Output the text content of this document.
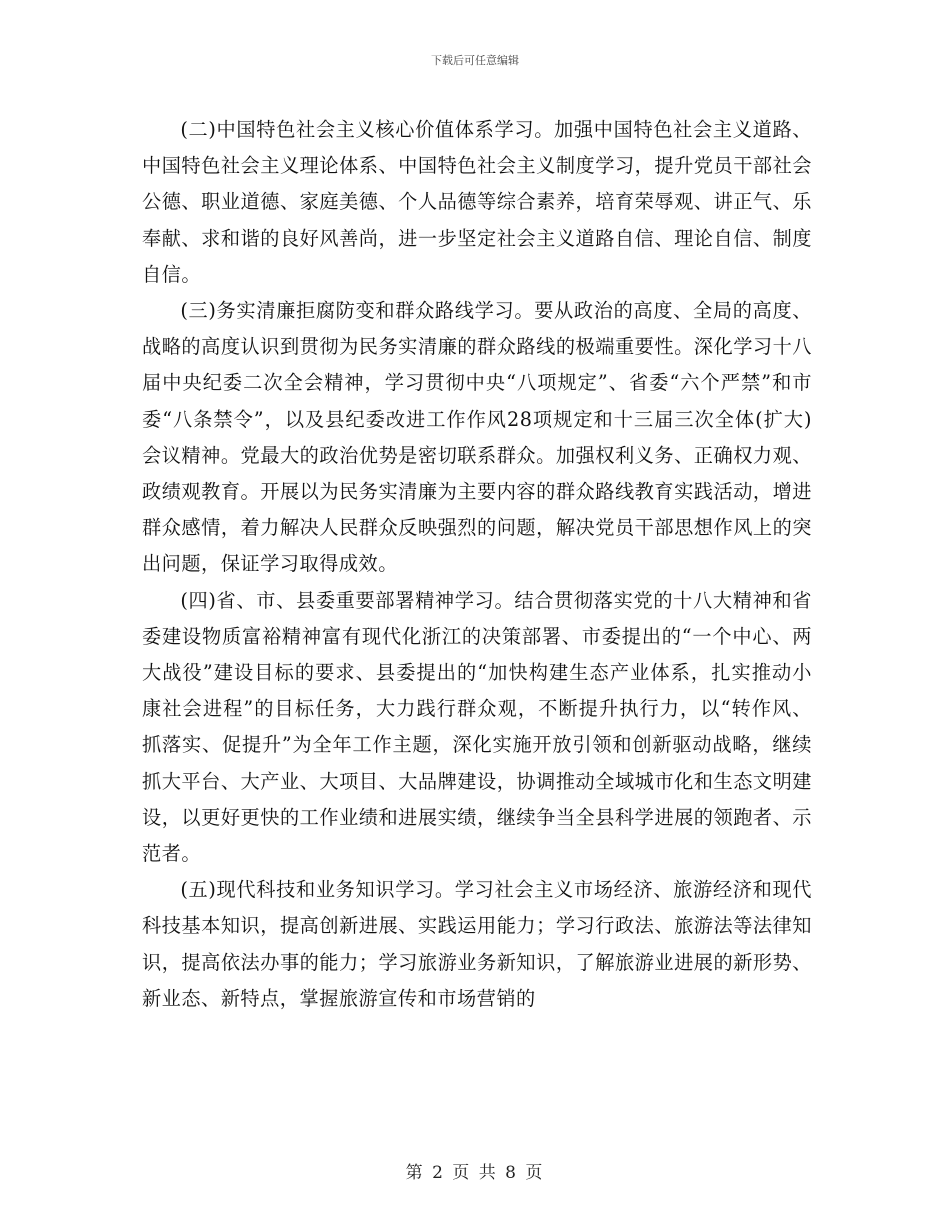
下载后可任意编辑

(二)中国特色社会主义核心价值体系学习。加强中国特色社会主义道路、中国特色社会主义理论体系、中国特色社会主义制度学习，提升党员干部社会公德、职业道德、家庭美德、个人品德等综合素养，培育荣辱观、讲正气、乐奉献、求和谐的良好风善尚，进一步坚定社会主义道路自信、理论自信、制度自信。

(三)务实清廉拒腐防变和群众路线学习。要从政治的高度、全局的高度、战略的高度认识到贯彻为民务实清廉的群众路线的极端重要性。深化学习十八届中央纪委二次全会精神，学习贯彻中央“八项规定”、省委“六个严禁”和市委“八条禁令”，以及县纪委改进工作作风28项规定和十三届三次全体(扩大)会议精神。党最大的政治优势是密切联系群众。加强权利义务、正确权力观、政绩观教育。开展以为民务实清廉为主要内容的群众路线教育实践活动，增进群众感情，着力解决人民群众反映强烈的问题，解决党员干部思想作风上的突出问题，保证学习取得成效。

(四)省、市、县委重要部署精神学习。结合贯彻落实党的十八大精神和省委建设物质富裕精神富有现代化浙江的决策部署、市委提出的“一个中心、两大战役”建设目标的要求、县委提出的“加快构建生态产业体系，扎实推动小康社会进程”的目标任务，大力践行群众观，不断提升执行力，以“转作风、抓落实、促提升”为全年工作主题，深化实施开放引领和创新驱动战略，继续抓大平台、大产业、大项目、大品牌建设，协调推动全域城市化和生态文明建设，以更好更快的工作业绩和进展实绩，继续争当全县科学进展的领跑者、示范者。

(五)现代科技和业务知识学习。学习社会主义市场经济、旅游经济和现代科技基本知识，提高创新进展、实践运用能力；学习行政法、旅游法等法律知识，提高依法办事的能力；学习旅游业务新知识，了解旅游业进展的新形势、新业态、新特点，掌握旅游宣传和市场营销的

第 2 页 共 8 页
